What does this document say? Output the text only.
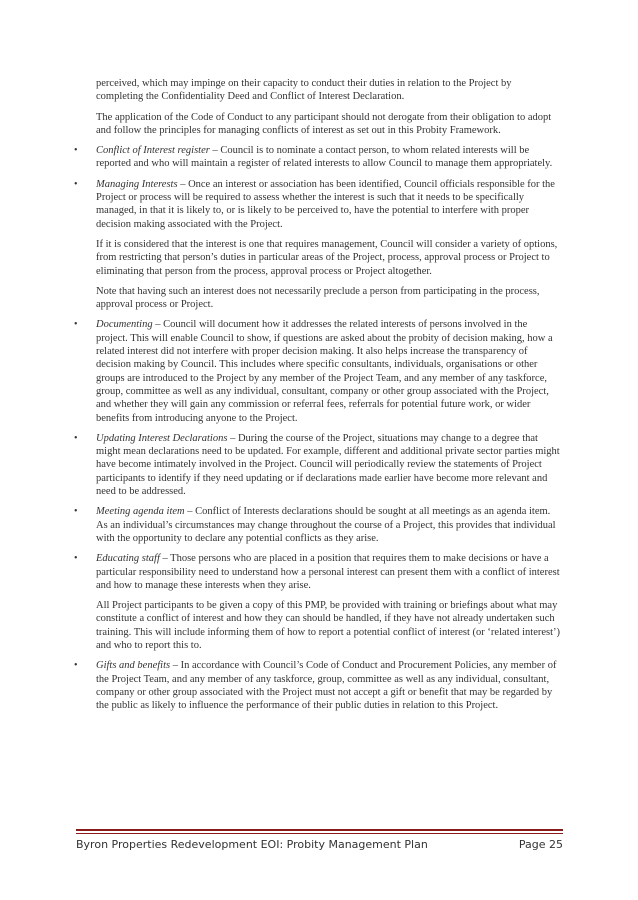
perceived, which may impinge on their capacity to conduct their duties in relation to the Project by completing the Confidentiality Deed and Conflict of Interest Declaration.

The application of the Code of Conduct to any participant should not derogate from their obligation to adopt and follow the principles for managing conflicts of interest as set out in this Probity Framework.

• Conflict of Interest register – Council is to nominate a contact person, to whom related interests will be reported and who will maintain a register of related interests to allow Council to manage them appropriately.

• Managing Interests – Once an interest or association has been identified, Council officials responsible for the Project or process will be required to assess whether the interest is such that it needs to be specifically managed, in that it is likely to, or is likely to be perceived to, have the potential to interfere with proper decision making associated with the Project.

If it is considered that the interest is one that requires management, Council will consider a variety of options, from restricting that person’s duties in particular areas of the Project, process, approval process or Project to eliminating that person from the process, approval process or Project altogether.

Note that having such an interest does not necessarily preclude a person from participating in the process, approval process or Project.

• Documenting – Council will document how it addresses the related interests of persons involved in the project. This will enable Council to show, if questions are asked about the probity of decision making, how a related interest did not interfere with proper decision making. It also helps increase the transparency of decision making by Council. This includes where specific consultants, individuals, organisations or other groups are introduced to the Project by any member of the Project Team, and any member of any taskforce, group, committee as well as any individual, consultant, company or other group associated with the Project, and whether they will gain any commission or referral fees, referrals for potential future work, or wider benefits from introducing anyone to the Project.

• Updating Interest Declarations – During the course of the Project, situations may change to a degree that might mean declarations need to be updated. For example, different and additional private sector parties might have become intimately involved in the Project. Council will periodically review the statements of Project participants to identify if they need updating or if declarations made earlier have become more relevant and need to be addressed.

• Meeting agenda item – Conflict of Interests declarations should be sought at all meetings as an agenda item. As an individual’s circumstances may change throughout the course of a Project, this provides that individual with the opportunity to declare any potential conflicts as they arise.

• Educating staff – Those persons who are placed in a position that requires them to make decisions or have a particular responsibility need to understand how a personal interest can present them with a conflict of interest and how to manage these interests when they arise.

All Project participants to be given a copy of this PMP, be provided with training or briefings about what may constitute a conflict of interest and how they can should be handled, if they have not already undertaken such training. This will include informing them of how to report a potential conflict of interest (or ‘related interest’) and who to report this to.

• Gifts and benefits – In accordance with Council’s Code of Conduct and Procurement Policies, any member of the Project Team, and any member of any taskforce, group, committee as well as any individual, consultant, company or other group associated with the Project must not accept a gift or benefit that may be regarded by the public as likely to influence the performance of their public duties in relation to this Project.

Byron Properties Redevelopment EOI: Probity Management Plan	Page 25
